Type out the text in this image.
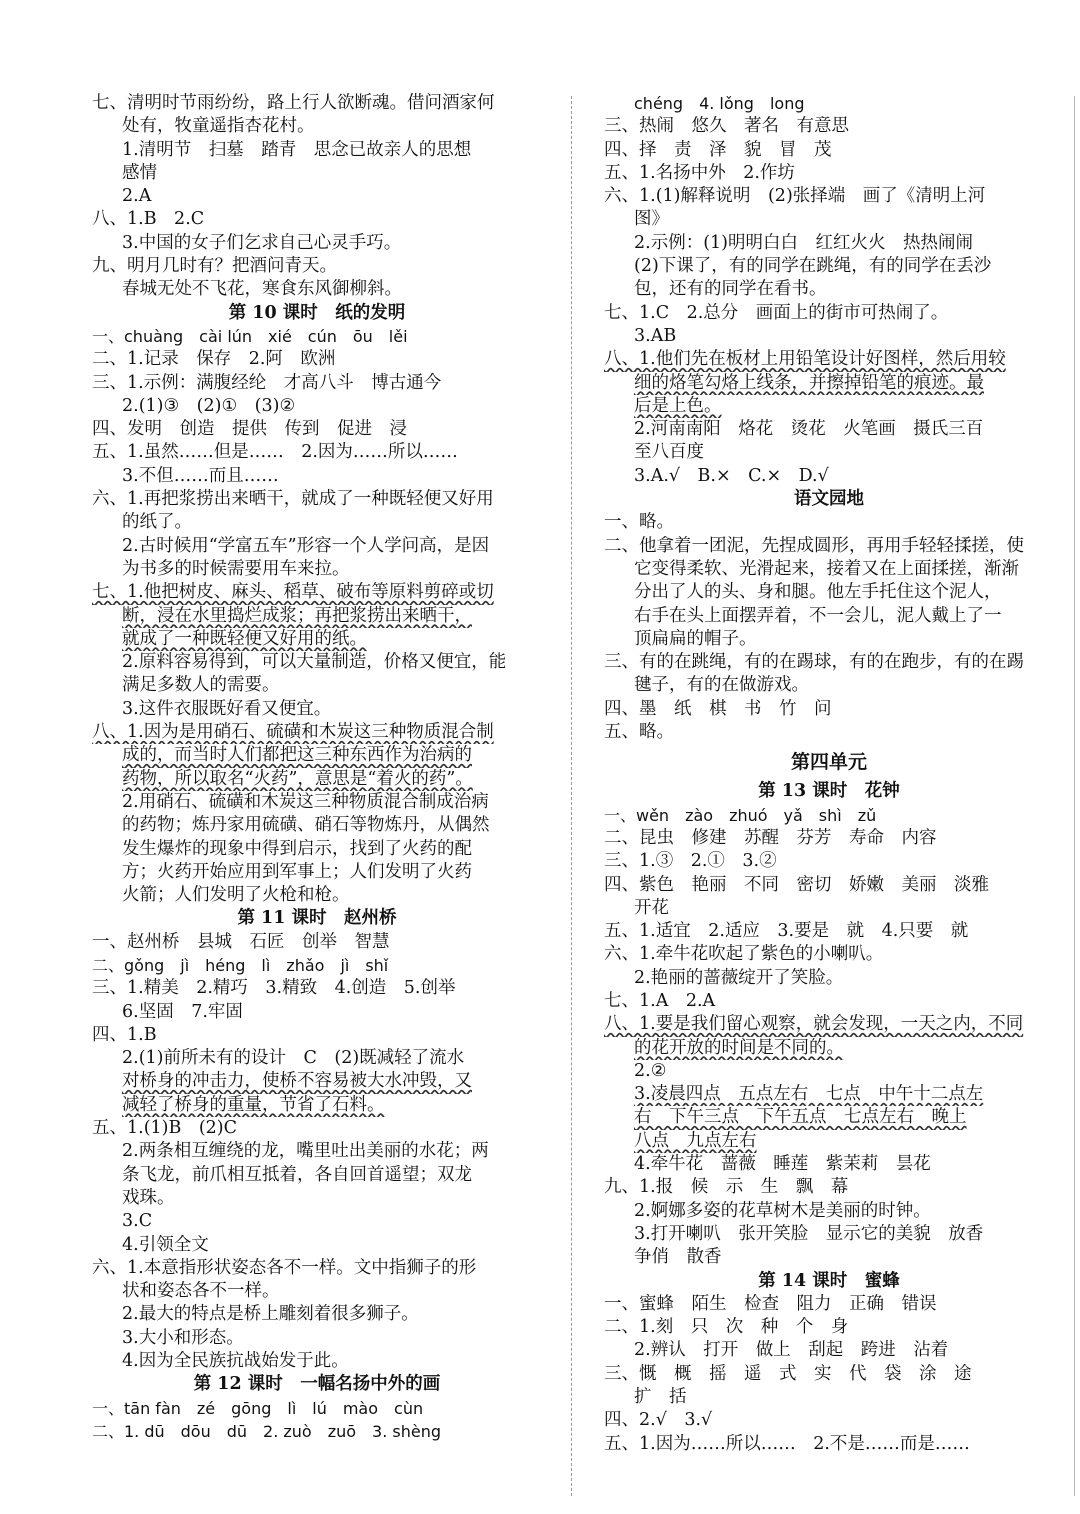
七、清明时节雨纷纷，路上行人欲断魂。借问酒家何
处有，牧童遥指杏花村。
1.清明节　扫墓　踏青　思念已故亲人的思想
感情
2.A
八、1.B　2.C
3.中国的女子们乞求自己心灵手巧。
九、明月几时有？把酒问青天。
春城无处不飞花，寒食东风御柳斜。
第 10 课时　纸的发明
一、chuàng　cài lún　xié　cún　ōu　lěi
二、1.记录　保存　2.阿　欧洲
三、1.示例：满腹经纶　才高八斗　博古通今
2.(1)③　(2)①　(3)②
四、发明　创造　提供　传到　促进　浸
五、1.虽然……但是……　2.因为……所以……
3.不但……而且……
六、1.再把浆捞出来晒干，就成了一种既轻便又好用
的纸了。
2.古时候用“学富五车”形容一个人学问高，是因
为书多的时候需要用车来拉。
七、1.他把树皮、麻头、稻草、破布等原料剪碎或切
断，浸在水里捣烂成浆；再把浆捞出来晒干，
就成了一种既轻便又好用的纸。
2.原料容易得到，可以大量制造，价格又便宜，能
满足多数人的需要。
3.这件衣服既好看又便宜。
八、1.因为是用硝石、硫磺和木炭这三种物质混合制
成的，而当时人们都把这三种东西作为治病的
药物，所以取名“火药”，意思是“着火的药”。
2.用硝石、硫磺和木炭这三种物质混合制成治病
的药物；炼丹家用硫磺、硝石等物炼丹，从偶然
发生爆炸的现象中得到启示，找到了火药的配
方；火药开始应用到军事上；人们发明了火药
火箭；人们发明了火枪和枪。
第 11 课时　赵州桥
一、赵州桥　县城　石匠　创举　智慧
二、gǒng　jì　héng　lì　zhǎo　jì　shǐ
三、1.精美　2.精巧　3.精致　4.创造　5.创举
6.坚固　7.牢固
四、1.B
2.(1)前所未有的设计　C　(2)既减轻了流水
对桥身的冲击力，使桥不容易被大水冲毁，又
减轻了桥身的重量，节省了石料。
五、1.(1)B　(2)C
2.两条相互缠绕的龙，嘴里吐出美丽的水花；两
条飞龙，前爪相互抵着，各自回首遥望；双龙
戏珠。
3.C
4.引领全文
六、1.本意指形状姿态各不一样。文中指狮子的形
状和姿态各不一样。
2.最大的特点是桥上雕刻着很多狮子。
3.大小和形态。
4.因为全民族抗战始发于此。
第 12 课时　一幅名扬中外的画
一、tān fàn　zé　gōng　lì　lú　mào　cùn
二、1. dū　dōu　dū　2. zuò　zuō　3. shèng
chéng　4. lǒng　long
三、热闹　悠久　著名　有意思
四、择　责　泽　貌　冒　茂
五、1.名扬中外　2.作坊
六、1.(1)解释说明　(2)张择端　画了《清明上河
图》
2.示例：(1)明明白白　红红火火　热热闹闹
(2)下课了，有的同学在跳绳，有的同学在丢沙
包，还有的同学在看书。
七、1.C　2.总分　画面上的街市可热闹了。
3.AB
八、1.他们先在板材上用铅笔设计好图样，然后用较
细的烙笔勾烙上线条，并擦掉铅笔的痕迹。最
后是上色。
2.河南南阳　烙花　烫花　火笔画　摄氏三百
至八百度
3.A.√　B.×　C.×　D.√
语文园地
一、略。
二、他拿着一团泥，先捏成圆形，再用手轻轻揉搓，使
它变得柔软、光滑起来，接着又在上面揉搓，渐渐
分出了人的头、身和腿。他左手托住这个泥人，
右手在头上面摆弄着，不一会儿，泥人戴上了一
顶扁扁的帽子。
三、有的在跳绳，有的在踢球，有的在跑步，有的在踢
毽子，有的在做游戏。
四、墨　纸　棋　书　竹　问
五、略。
第四单元
第 13 课时　花钟
一、wěn　zào　zhuó　yǎ　shì　zǔ
二、昆虫　修建　苏醒　芬芳　寿命　内容
三、1.③　2.①　3.②
四、紫色　艳丽　不同　密切　娇嫩　美丽　淡雅
开花
五、1.适宜　2.适应　3.要是　就　4.只要　就
六、1.牵牛花吹起了紫色的小喇叭。
2.艳丽的蔷薇绽开了笑脸。
七、1.A　2.A
八、1.要是我们留心观察，就会发现，一天之内，不同
的花开放的时间是不同的。
2.②
3.凌晨四点　五点左右　七点　中午十二点左
右　下午三点　下午五点　七点左右　晚上
八点　九点左右
4.牵牛花　蔷薇　睡莲　紫茉莉　昙花
九、1.报　候　示　生　飘　幕
2.婀娜多姿的花草树木是美丽的时钟。
3.打开喇叭　张开笑脸　显示它的美貌　放香
争俏　散香
第 14 课时　蜜蜂
一、蜜蜂　陌生　检查　阻力　正确　错误
二、1.刻　只　次　种　个　身
2.辨认　打开　做上　刮起　跨进　沾着
三、慨　概　摇　遥　式　实　代　袋　涂　途
扩　括
四、2.√　3.√
五、1.因为……所以……　2.不是……而是……
